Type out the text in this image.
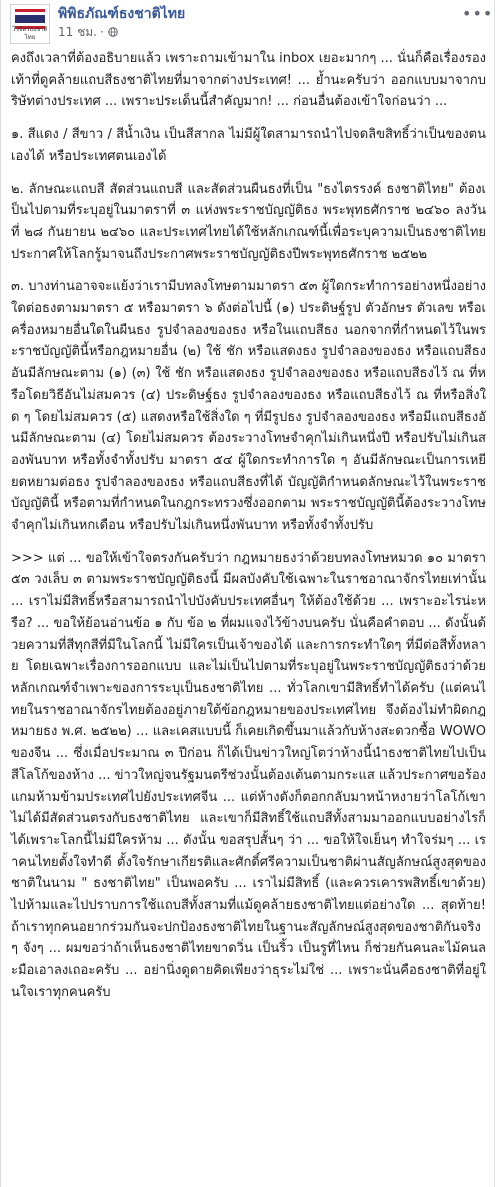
ไวจิตรธงชาติไทย
พิพิธภัณฑ์ธงชาติไทย
11 ชม. ·
•••

คงถึงเวลาที่ต้องอธิบายแล้ว เพราะถามเข้ามาใน inbox เยอะมากๆ ... นั่นก็คือเรื่องรองเท้าที่ดูคล้ายแถบสีธงชาติไทยที่มาจากต่างประเทศ! ... ย้ำนะครับว่า ออกแบบมาจากบริษัทต่างประเทศ ... เพราะประเด็นนี้สำคัญมาก! ... ก่อนอื่นต้องเข้าใจก่อนว่า ...

๑. สีแดง / สีขาว / สีน้ำเงิน เป็นสีสากล ไม่มีผู้ใดสามารถนำไปจดลิขสิทธิ์ว่าเป็นของตนเองได้ หรือประเทศตนเองได้

๒. ลักษณะแถบสี สัดส่วนแถบสี และสัดส่วนผืนธงที่เป็น "ธงไตรรงค์ ธงชาติไทย" ต้องเป็นไปตามที่ระบุอยู่ในมาตราที่ ๓ แห่งพระราชบัญญัติธง พระพุทธศักราช ๒๔๖๐ ลงวันที่ ๒๘ กันยายน ๒๔๖๐ และประเทศไทยได้ใช้หลักเกณฑ์นี้เพื่อระบุความเป็นธงชาติไทยประกาศให้โลกรู้มาจนถึงประกาศพระราชบัญญัติธงปีพระพุทธศักราช ๒๕๒๒

๓. บางท่านอาจจะแย้งว่าเรามีบทลงโทษตามมาตรา ๕๓ ผู้ใดกระทำการอย่างหนึ่งอย่างใดต่อธงตามมาตรา ๕ หรือมาตรา ๖ ดังต่อไปนี้ (๑) ประดิษฐ์รูป ตัวอักษร ตัวเลข หรือเครื่องหมายอื่นใดในผืนธง รูปจำลองของธง หรือในแถบสีธง นอกจากที่กำหนดไว้ในพระราชบัญญัตินี้หรือกฎหมายอื่น (๒) ใช้ ชัก หรือแสดงธง รูปจำลองของธง หรือแถบสีธงอันมีลักษณะตาม (๑) (๓) ใช้ ชัก หรือแสดงธง รูปจำลองของธง หรือแถบสีธงไว้ ณ ที่หรือโดยวิธีอันไม่สมควร (๔) ประดิษฐ์ธง รูปจำลองของธง หรือแถบสีธงไว้ ณ ที่หรือสิ่งใด ๆ โดยไม่สมควร (๕) แสดงหรือใช้สิ่งใด ๆ ที่มีรูปธง รูปจำลองของธง หรือมีแถบสีธงอันมีลักษณะตาม (๔) โดยไม่สมควร ต้องระวางโทษจำคุกไม่เกินหนึ่งปี หรือปรับไม่เกินสองพันบาท หรือทั้งจำทั้งปรับ มาตรา ๕๔ ผู้ใดกระทำการใด ๆ อันมีลักษณะเป็นการเหยียดหยามต่อธง รูปจำลองของธง หรือแถบสีธงที่ได้ บัญญัติกำหนดลักษณะไว้ในพระราชบัญญัตินี้ หรือตามที่กำหนดในกฎกระทรวงซึ่งออกตาม พระราชบัญญัตินี้ต้องระวางโทษจำคุกไม่เกินหกเดือน หรือปรับไม่เกินหนึ่งพันบาท หรือทั้งจำทั้งปรับ

>>> แต่ ... ขอให้เข้าใจตรงกันครับว่า กฎหมายธงว่าด้วยบทลงโทษหมวด ๑๐ มาตรา ๕๓ วงเล็บ ๓ ตามพระราชบัญญัติธงนี้ มีผลบังคับใช้เฉพาะในราชอาณาจักรไทยเท่านั้น ... เราไม่มีสิทธิ์หรือสามารถนำไปบังคับประเทศอื่นๆ ให้ต้องใช้ด้วย ... เพราะอะไรน่ะหรือ? ... ขอให้ย้อนอ่านข้อ ๑ กับ ข้อ ๒ ที่ผมแจงไว้ข้างบนครับ นั่นคือคำตอบ ... ดังนั้นด้วยความที่สีทุกสีที่มีในโลกนี้ ไม่มีใครเป็นเจ้าของได้ และการกระทำใดๆ ที่มีต่อสีทั้งหลาย โดยเฉพาะเรื่องการออกแบบ และไม่เป็นไปตามที่ระบุอยู่ในพระราชบัญญัติธงว่าด้วยหลักเกณฑ์จำเพาะของการระบุเป็นธงชาติไทย ... ทั่วโลกเขามีสิทธิ์ทำได้ครับ (แต่คนไทยในราชอาณาจักรไทยต้องอยู่ภายใต้ข้อกฎหมายของประเทศไทย จึงต้องไม่ทำผิดกฎหมายธง พ.ศ. ๒๕๒๒) ... และเคสแบบนี้ ก็เคยเกิดขึ้นมาแล้วกับห้างสะดวกซื้อ WOWO ของจีน ... ซึ่งเมื่อประมาณ ๓ ปีก่อน ก็ได้เป็นข่าวใหญ่โตว่าห้างนี้นำธงชาติไทยไปเป็นสีโลโก้ของห้าง ... ข่าวใหญ่จนรัฐมนตรีช่วงนั้นต้องเต้นตามกระแส แล้วประกาศขอร้องแกมห้ามข้ามประเทศไปยังประเทศจีน ... แต่ห้างดังก็ตอกกลับมาหน้าหงายว่าโลโก้เขาไม่ได้มีสัดส่วนตรงกับธงชาติไทย และเขาก็มีสิทธิ์ใช้แถบสีทั้งสามมาออกแบบอย่างไรก็ได้เพราะโลกนี้ไม่มีใครห้าม ... ดังนั้น ขอสรุปสั้นๆ ว่า ... ขอให้ใจเย็นๆ ทำใจร่มๆ ... เราคนไทยตั้งใจทำดี ตั้งใจรักษาเกียรติและศักดิ์ศรีความเป็นชาติผ่านสัญลักษณ์สูงสุดของชาติในนาม " ธงชาติไทย" เป็นพอครับ ... เราไม่มีสิทธิ์ (และควรเคารพสิทธิ์เขาด้วย) ไปห้ามและไปปราบการใช้แถบสีทั้งสามที่แม้ดูคล้ายธงชาติไทยแต่อย่างใด ... สุดท้าย! ถ้าเราทุกคนอยากร่วมกันจะปกป้องธงชาติไทยในฐานะสัญลักษณ์สูงสุดของชาติกันจริงๆ จังๆ ... ผมขอว่าถ้าเห็นธงชาติไทยขาดวิ่น เป็นริ้ว เป็นรูที่ไหน ก็ช่วยกันคนละไม้คนละมือเอาลงเถอะครับ ... อย่านิ่งดูดายคิดเพียงว่าธุระไม่ใช่ ... เพราะนั่นคือธงชาติที่อยู่ในใจเราทุกคนครับ
